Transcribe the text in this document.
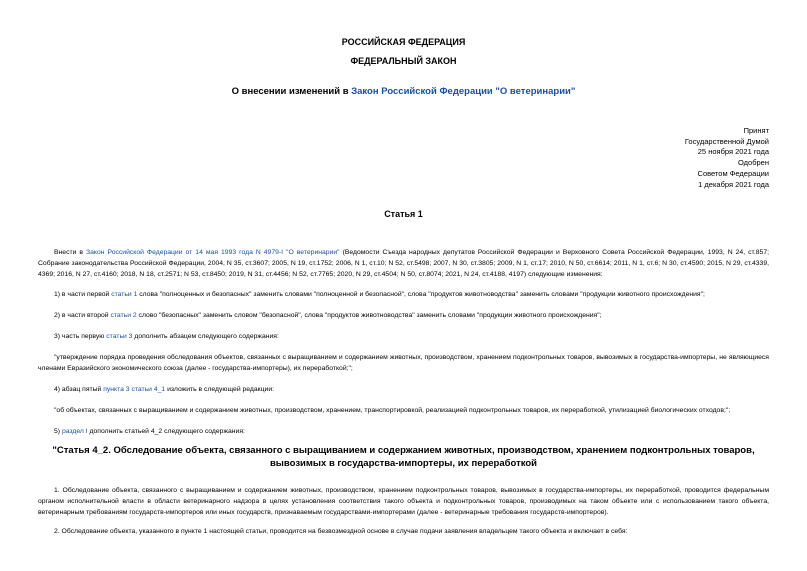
РОССИЙСКАЯ ФЕДЕРАЦИЯ
ФЕДЕРАЛЬНЫЙ ЗАКОН
О внесении изменений в Закон Российской Федерации "О ветеринарии"
Принят
Государственной Думой
25 ноября 2021 года
Одобрен
Советом Федерации
1 декабря 2021 года
Статья 1
Внести в Закон Российской Федерации от 14 мая 1993 года N 4979-I "О ветеринарии" (Ведомости Съезда народных депутатов Российской Федерации и Верховного Совета Российской Федерации, 1993, N 24, ст.857; Собрание законодательства Российской Федерации, 2004, N 35, ст.3607; 2005, N 19, ст.1752; 2006, N 1, ст.10; N 52, ст.5498; 2007, N 30, ст.3805; 2009, N 1, ст.17; 2010, N 50, ст.6614; 2011, N 1, ст.6; N 30, ст.4590; 2015, N 29, ст.4339, 4369; 2016, N 27, ст.4160; 2018, N 18, ст.2571; N 53, ст.8450; 2019, N 31, ст.4456; N 52, ст.7765; 2020, N 29, ст.4504; N 50, ст.8074; 2021, N 24, ст.4188, 4197) следующие изменения:
1) в части первой статьи 1 слова "полноценных и безопасных" заменить словами "полноценной и безопасной", слова "продуктов животноводства" заменить словами "продукции животного происхождения";
2) в части второй статьи 2 слово "безопасных" заменить словом "безопасной", слова "продуктов животноводства" заменить словами "продукции животного происхождения";
3) часть первую статьи 3 дополнить абзацем следующего содержания:
"утверждение порядка проведения обследования объектов, связанных с выращиванием и содержанием животных, производством, хранением подконтрольных товаров, вывозимых в государства-импортеры, не являющиеся членами Евразийского экономического союза (далее - государства-импортеры), их переработкой;";
4) абзац пятый пункта 3 статьи 4_1 изложить в следующей редакции:
"об объектах, связанных с выращиванием и содержанием животных, производством, хранением, транспортировкой, реализацией подконтрольных товаров, их переработкой, утилизацией биологических отходов;";
5) раздел I дополнить статьей 4_2 следующего содержания:
"Статья 4_2. Обследование объекта, связанного с выращиванием и содержанием животных, производством, хранением подконтрольных товаров, вывозимых в государства-импортеры, их переработкой
1. Обследование объекта, связанного с выращиванием и содержанием животных, производством, хранением подконтрольных товаров, вывозимых в государства-импортеры, их переработкой, проводится федеральным органом исполнительной власти в области ветеринарного надзора в целях установления соответствия такого объекта и подконтрольных товаров, производимых на таком объекте или с использованием такого объекта, ветеринарным требованиям государств-импортеров или иных государств, признаваемым государствами-импортерами (далее - ветеринарные требования государств-импортеров).
2. Обследование объекта, указанного в пункте 1 настоящей статьи, проводится на безвозмездной основе в случае подачи заявления владельцем такого объекта и включает в себя:
